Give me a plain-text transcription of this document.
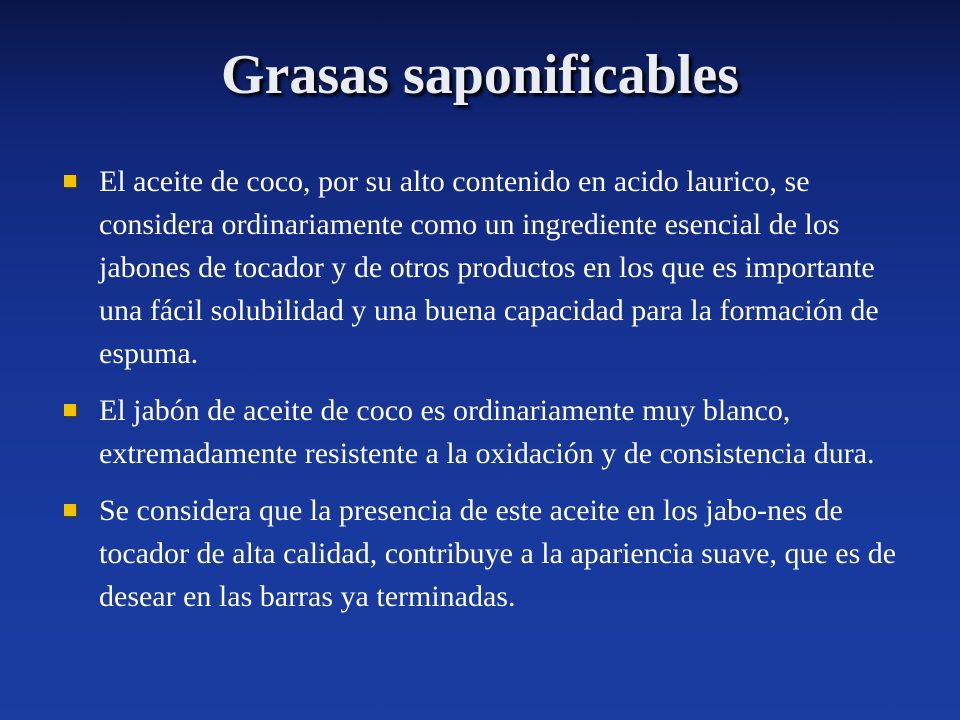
Grasas saponificables
El aceite de coco, por su alto contenido en acido laurico, se considera ordinariamente como un ingrediente esencial de los jabones de tocador y de otros productos en los que es importante una fácil solubilidad y una buena capacidad para la formación de espuma.
El jabón de aceite de coco es ordinariamente muy blanco, extremadamente resistente a la oxidación y de consistencia dura.
Se considera que la presencia de este aceite en los jabo-nes de tocador de alta calidad, contribuye a la apariencia suave, que es de desear en las barras ya terminadas.
